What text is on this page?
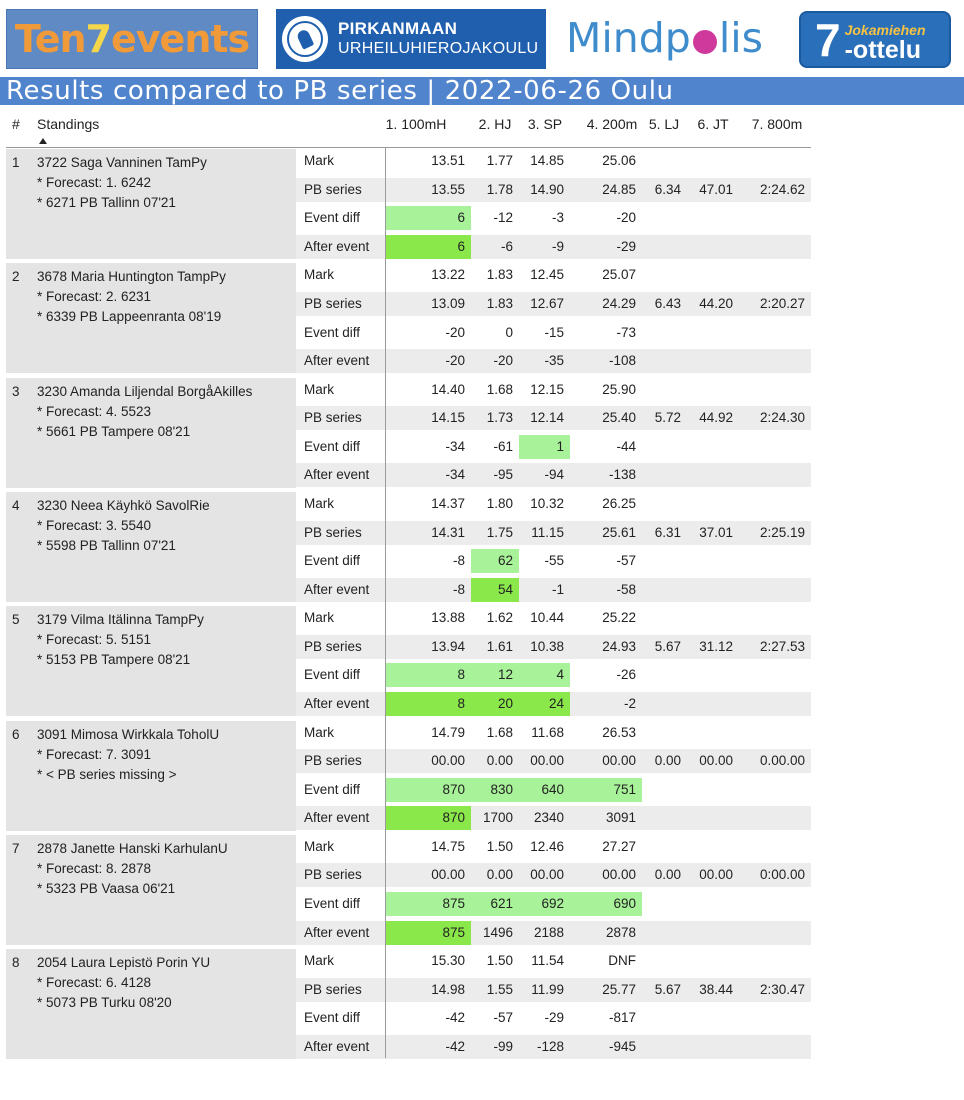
Ten 7 events	PIRKANMAAN
URHEILUHIEROJAKOULU Mindp lis 7 Jokamiehen
-ottelu
Results compared to PB series | 2022-06-26 Oulu
# Standings	1. 100mH	2. HJ	3. SP	4. 200m 5. LJ	6. JT	7. 800m
1 3722 Saga Vanninen TamPy
* Forecast: 1. 6242
* 6271 PB Tallinn 07'21
Mark	13.51	1.77	14.85	25.06
PB series	13.55	1.78	14.90	24.85	6.34	47.01	2:24.62
Event diff	6	-12	-3	-20
After event	6	-6	-9	-29
2 3678 Maria Huntington TampPy
* Forecast: 2. 6231
* 6339 PB Lappeenranta 08'19
Mark	13.22	1.83	12.45	25.07
PB series	13.09	1.83	12.67	24.29	6.43	44.20	2:20.27
Event diff	-20	0	-15	-73
After event	-20	-20	-35	-108
3 3230 Amanda Liljendal BorgåAkilles
* Forecast: 4. 5523
* 5661 PB Tampere 08'21
Mark	14.40	1.68	12.15	25.90
PB series	14.15	1.73	12.14	25.40	5.72	44.92	2:24.30
Event diff	-34	-61	1	-44
After event	-34	-95	-94	-138
4 3230 Neea Käyhkö SavolRie
* Forecast: 3. 5540
* 5598 PB Tallinn 07'21
Mark	14.37	1.80	10.32	26.25
PB series	14.31	1.75	11.15	25.61	6.31	37.01	2:25.19
Event diff	-8	62	-55	-57
After event	-8	54	-1	-58
5 3179 Vilma Itälinna TampPy
* Forecast: 5. 5151
* 5153 PB Tampere 08'21
Mark	13.88	1.62	10.44	25.22
PB series	13.94	1.61	10.38	24.93	5.67	31.12	2:27.53
Event diff	8	12	4	-26
After event	8	20	24	-2
6 3091 Mimosa Wirkkala ToholU
* Forecast: 7. 3091
* < PB series missing >
Mark	14.79	1.68	11.68	26.53
PB series	00.00	0.00	00.00	00.00	0.00	00.00	0.00.00
Event diff	870	830	640	751
After event	870	1700	2340	3091
7 2878 Janette Hanski KarhulanU
* Forecast: 8. 2878
* 5323 PB Vaasa 06'21
Mark	14.75	1.50	12.46	27.27
PB series	00.00	0.00	00.00	00.00	0.00	00.00	0:00.00
Event diff	875	621	692	690
After event	875	1496	2188	2878
8 2054 Laura Lepistö Porin YU
* Forecast: 6. 4128
* 5073 PB Turku 08'20
Mark	15.30	1.50	11.54	DNF
PB series	14.98	1.55	11.99	25.77	5.67	38.44	2:30.47
Event diff	-42	-57	-29	-817
After event	-42	-99	-128	-945
